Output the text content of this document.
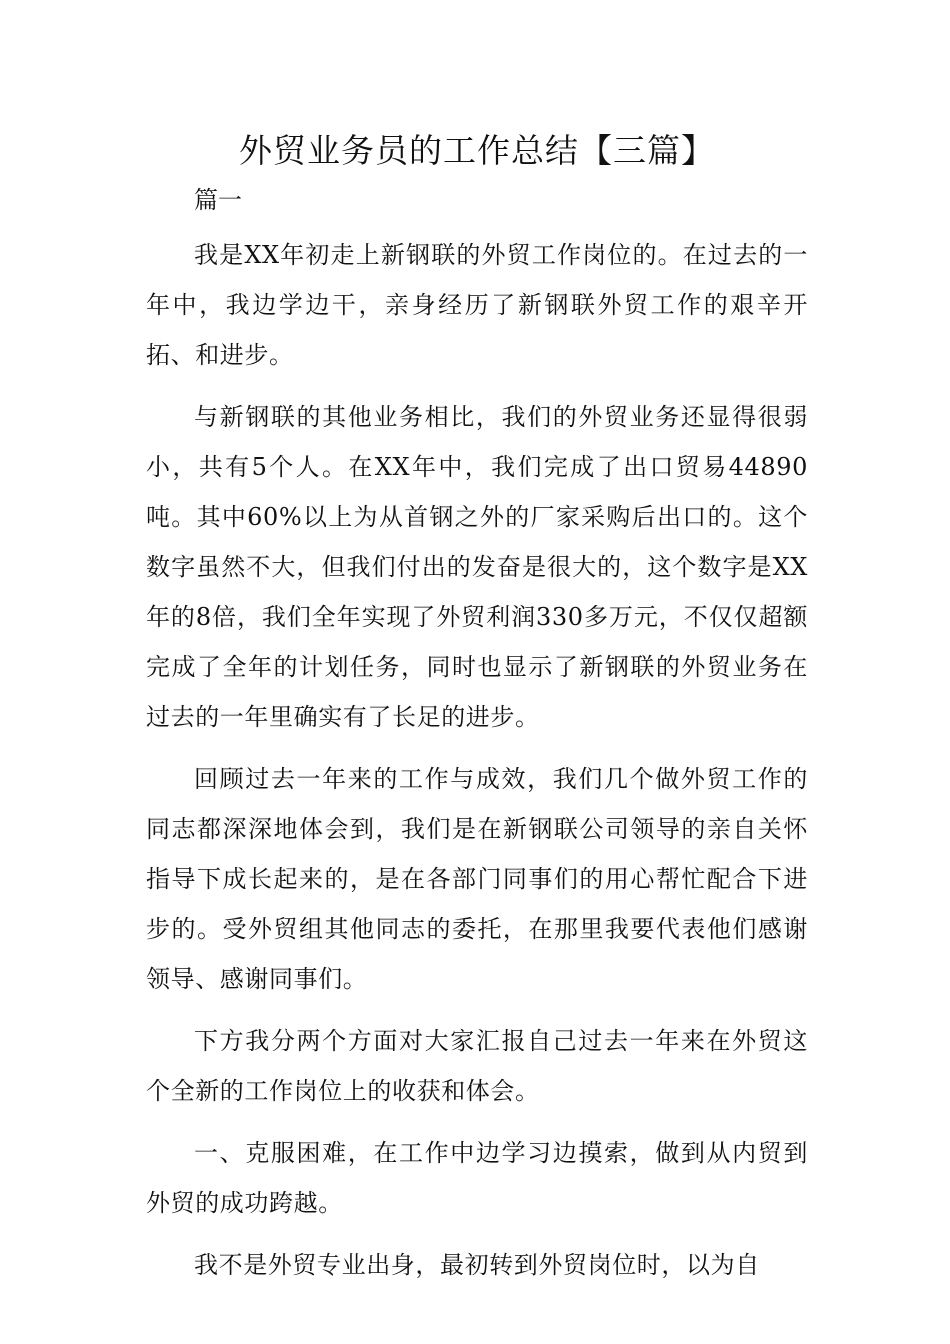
外贸业务员的工作总结【三篇】

篇一

我是XX年初走上新钢联的外贸工作岗位的。在过去的一年中，我边学边干，亲身经历了新钢联外贸工作的艰辛开拓、和进步。

与新钢联的其他业务相比，我们的外贸业务还显得很弱小，共有5个人。在XX年中，我们完成了出口贸易44890吨。其中60%以上为从首钢之外的厂家采购后出口的。这个数字虽然不大，但我们付出的发奋是很大的，这个数字是XX年的8倍，我们全年实现了外贸利润330多万元，不仅仅超额完成了全年的计划任务，同时也显示了新钢联的外贸业务在过去的一年里确实有了长足的进步。

回顾过去一年来的工作与成效，我们几个做外贸工作的同志都深深地体会到，我们是在新钢联公司领导的亲自关怀指导下成长起来的，是在各部门同事们的用心帮忙配合下进步的。受外贸组其他同志的委托，在那里我要代表他们感谢领导、感谢同事们。

下方我分两个方面对大家汇报自己过去一年来在外贸这个全新的工作岗位上的收获和体会。

一、克服困难，在工作中边学习边摸索，做到从内贸到外贸的成功跨越。

我不是外贸专业出身，最初转到外贸岗位时，以为自
